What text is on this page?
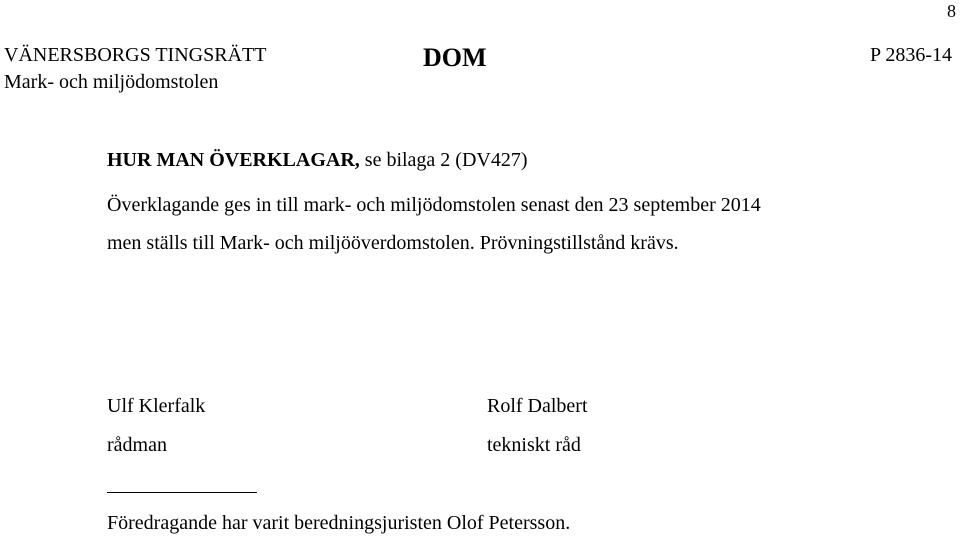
8
VÄNERSBORGS TINGSRÄTT
Mark- och miljödomstolen
DOM	P 2836-14
HUR MAN ÖVERKLAGAR, se bilaga 2 (DV427)
Överklagande ges in till mark- och miljödomstolen senast den 23 september 2014
men ställs till Mark- och miljööverdomstolen. Prövningstillstånd krävs.
Ulf Klerfalk
rådman
Rolf Dalbert
tekniskt råd
Föredragande har varit beredningsjuristen Olof Petersson.
